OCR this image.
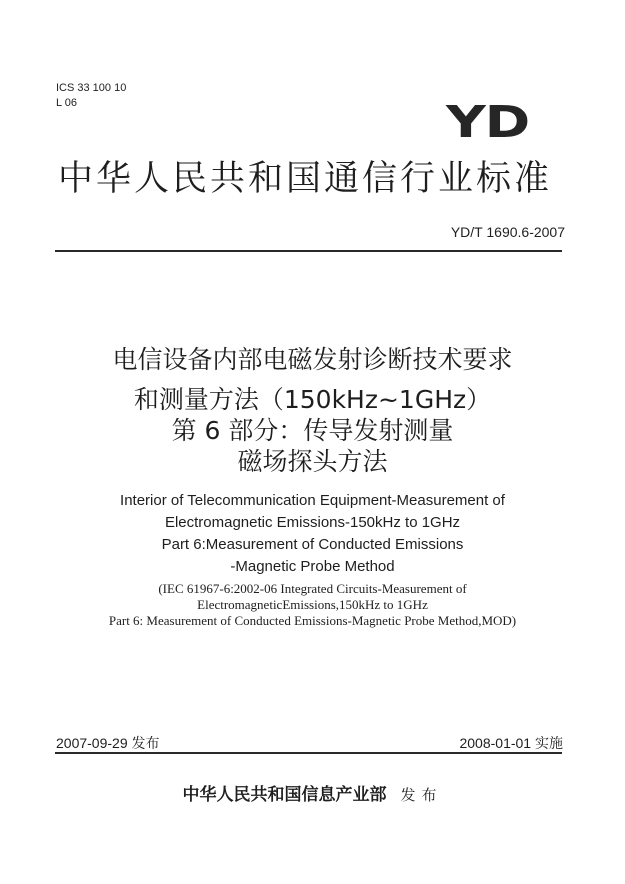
ICS 33 100 10
L 06	YD
中华人民共和国通信行业标准
YD/T 1690.6-2007
电信设备内部电磁发射诊断技术要求
和测量方法（150kHz~1GHz）
第 6 部分：传导发射测量
磁场探头方法
Interior of Telecommunication Equipment-Measurement of
Electromagnetic Emissions-150kHz to 1GHz
Part 6:Measurement of Conducted Emissions
-Magnetic Probe Method
(IEC 61967-6:2002-06 Integrated Circuits-Measurement of
ElectromagneticEmissions,150kHz to 1GHz
Part 6: Measurement of Conducted Emissions-Magnetic Probe Method,MOD)
2007-09-29 发布	2008-01-01 实施
中华人民共和国信息产业部 发布
